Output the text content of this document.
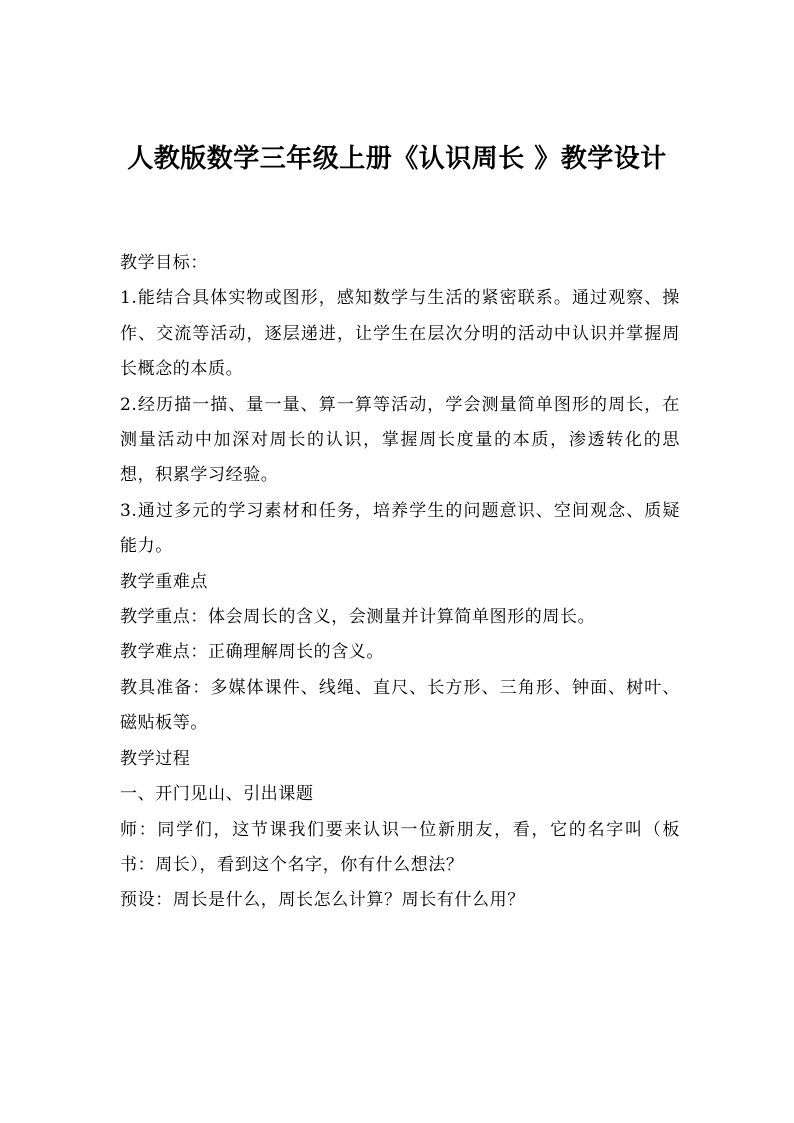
人教版数学三年级上册《认识周长 》教学设计

教学目标：

1.能结合具体实物或图形，感知数学与生活的紧密联系。通过观察、操作、交流等活动，逐层递进，让学生在层次分明的活动中认识并掌握周长概念的本质。

2.经历描一描、量一量、算一算等活动，学会测量简单图形的周长，在测量活动中加深对周长的认识，掌握周长度量的本质，渗透转化的思想，积累学习经验。

3.通过多元的学习素材和任务，培养学生的问题意识、空间观念、质疑能力。

教学重难点

教学重点：体会周长的含义，会测量并计算简单图形的周长。

教学难点：正确理解周长的含义。

教具准备：多媒体课件、线绳、直尺、长方形、三角形、钟面、树叶、磁贴板等。

教学过程

一、开门见山、引出课题

师：同学们，这节课我们要来认识一位新朋友，看，它的名字叫（板书：周长），看到这个名字，你有什么想法？

预设：周长是什么，周长怎么计算？周长有什么用？
